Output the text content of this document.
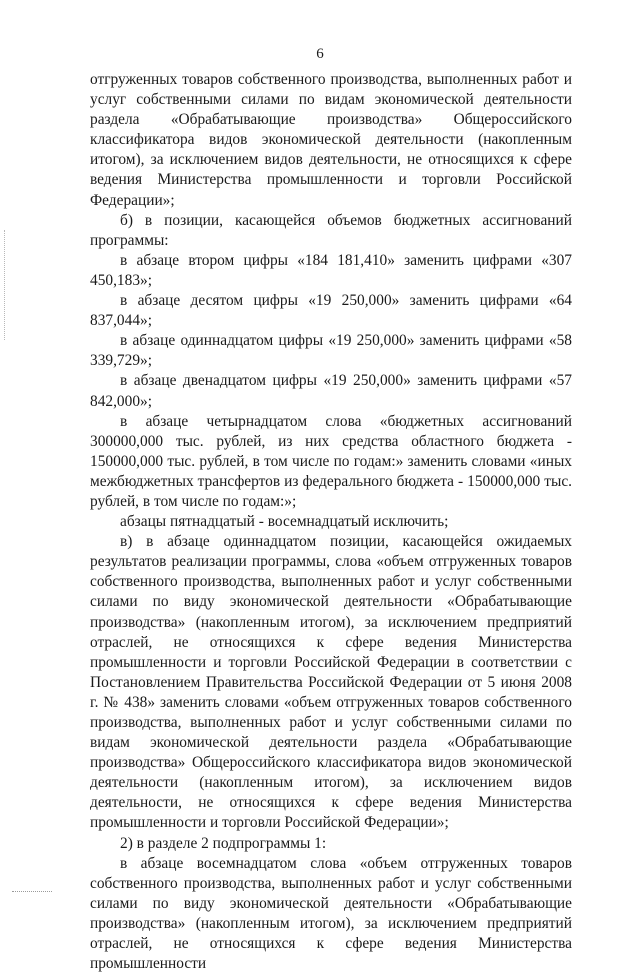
6

отгруженных товаров собственного производства, выполненных работ и услуг собственными силами по видам экономической деятельности раздела «Обрабатывающие производства» Общероссийского классификатора видов экономической деятельности (накопленным итогом), за исключением видов деятельности, не относящихся к сфере ведения Министерства промышленности и торговли Российской Федерации»;

б) в позиции, касающейся объемов бюджетных ассигнований программы:

в абзаце втором цифры «184 181,410» заменить цифрами «307 450,183»;

в абзаце десятом цифры «19 250,000» заменить цифрами «64 837,044»;

в абзаце одиннадцатом цифры «19 250,000» заменить цифрами «58 339,729»;

в абзаце двенадцатом цифры «19 250,000» заменить цифрами «57 842,000»;

в абзаце четырнадцатом слова «бюджетных ассигнований 300000,000 тыс. рублей, из них средства областного бюджета - 150000,000 тыс. рублей, в том числе по годам:» заменить словами «иных межбюджетных трансфертов из федерального бюджета - 150000,000 тыс. рублей, в том числе по годам:»;

абзацы пятнадцатый - восемнадцатый исключить;

в) в абзаце одиннадцатом позиции, касающейся ожидаемых результатов реализации программы, слова «объем отгруженных товаров собственного производства, выполненных работ и услуг собственными силами по виду экономической деятельности «Обрабатывающие производства» (накопленным итогом), за исключением предприятий отраслей, не относящихся к сфере ведения Министерства промышленности и торговли Российской Федерации в соответствии с Постановлением Правительства Российской Федерации от 5 июня 2008 г. № 438» заменить словами «объем отгруженных товаров собственного производства, выполненных работ и услуг собственными силами по видам экономической деятельности раздела «Обрабатывающие производства» Общероссийского классификатора видов экономической деятельности (накопленным итогом), за исключением видов деятельности, не относящихся к сфере ведения Министерства промышленности и торговли Российской Федерации»;

2) в разделе 2 подпрограммы 1:

в абзаце восемнадцатом слова «объем отгруженных товаров собственного производства, выполненных работ и услуг собственными силами по виду экономической деятельности «Обрабатывающие производства» (накопленным итогом), за исключением предприятий отраслей, не относящихся к сфере ведения Министерства промышленности
